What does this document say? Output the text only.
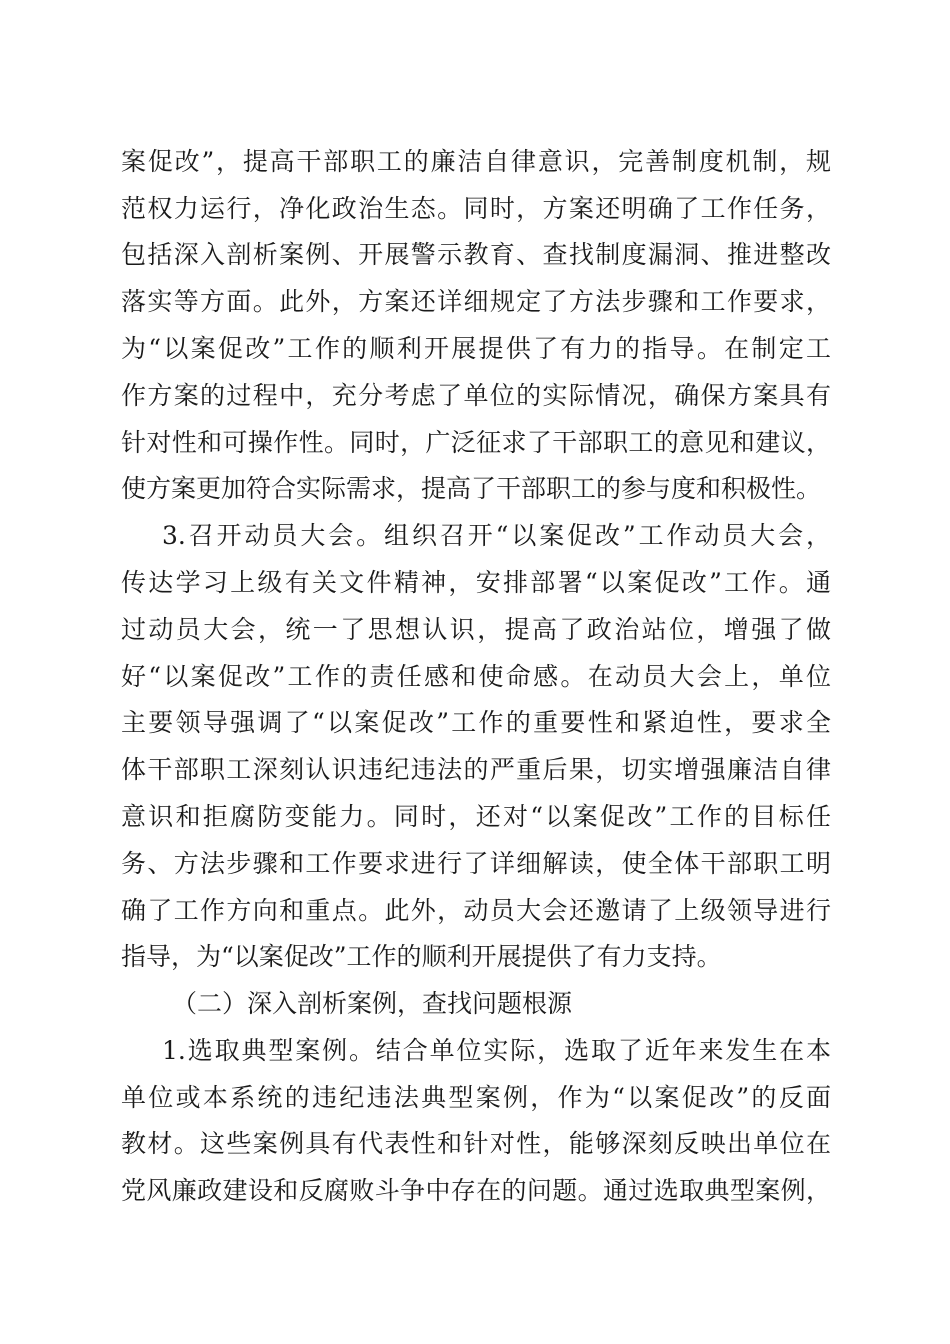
案促改”，提高干部职工的廉洁自律意识，完善制度机制，规
范权力运行，净化政治生态。同时，方案还明确了工作任务，
包括深入剖析案例、开展警示教育、查找制度漏洞、推进整改
落实等方面。此外，方案还详细规定了方法步骤和工作要求，
为“以案促改”工作的顺利开展提供了有力的指导。在制定工
作方案的过程中，充分考虑了单位的实际情况，确保方案具有
针对性和可操作性。同时，广泛征求了干部职工的意见和建议，
使方案更加符合实际需求，提高了干部职工的参与度和积极性。
3.召开动员大会。组织召开“以案促改”工作动员大会，
传达学习上级有关文件精神，安排部署“以案促改”工作。通
过动员大会，统一了思想认识，提高了政治站位，增强了做
好“以案促改”工作的责任感和使命感。在动员大会上，单位
主要领导强调了“以案促改”工作的重要性和紧迫性，要求全
体干部职工深刻认识违纪违法的严重后果，切实增强廉洁自律
意识和拒腐防变能力。同时，还对“以案促改”工作的目标任
务、方法步骤和工作要求进行了详细解读，使全体干部职工明
确了工作方向和重点。此外，动员大会还邀请了上级领导进行
指导，为“以案促改”工作的顺利开展提供了有力支持。
（二）深入剖析案例，查找问题根源
1.选取典型案例。结合单位实际，选取了近年来发生在本
单位或本系统的违纪违法典型案例，作为“以案促改”的反面
教材。这些案例具有代表性和针对性，能够深刻反映出单位在
党风廉政建设和反腐败斗争中存在的问题。通过选取典型案例，
